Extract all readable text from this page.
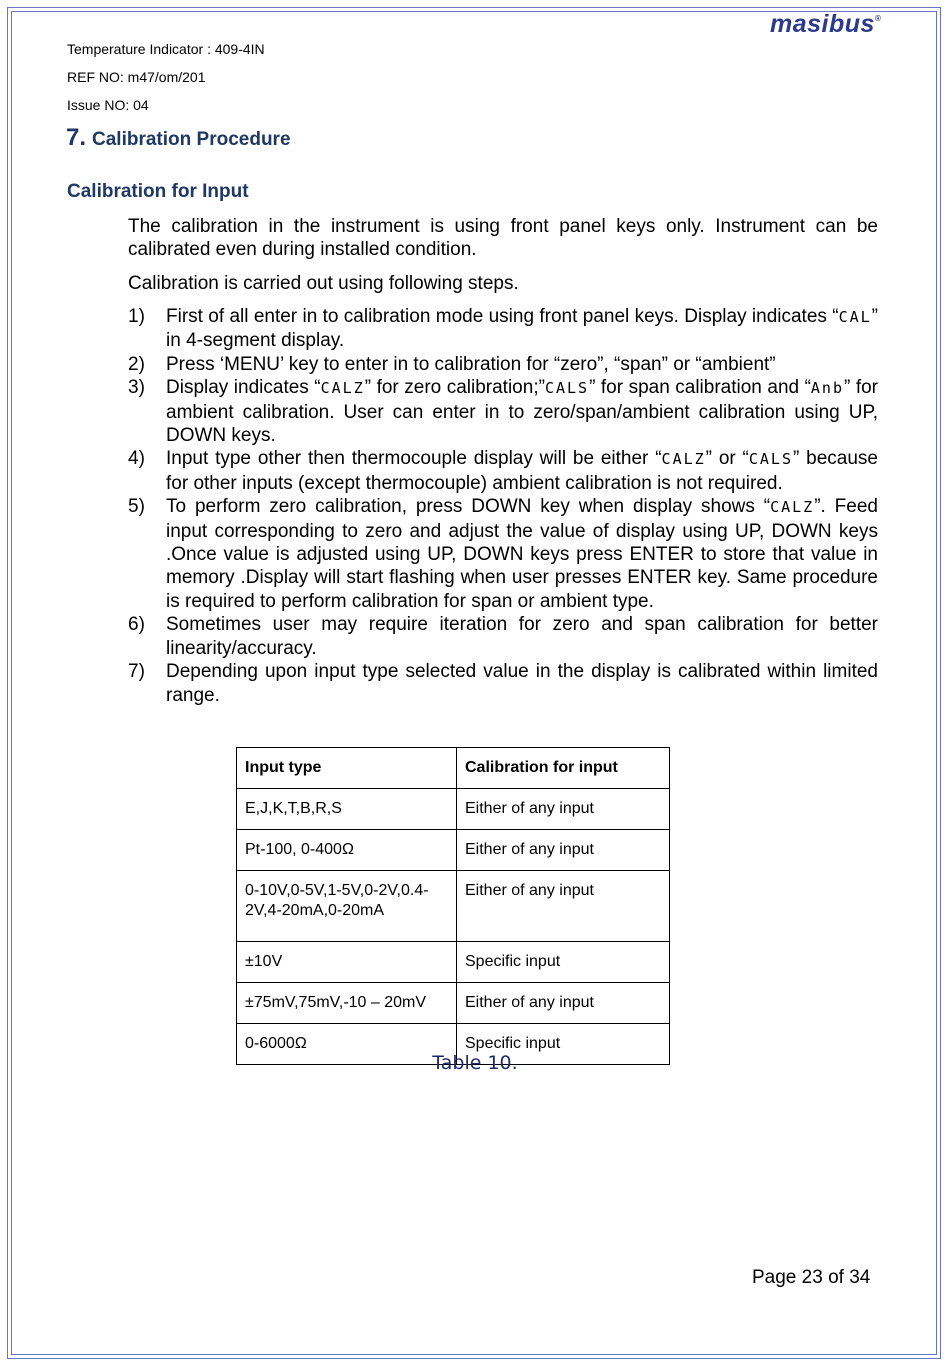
masibus®
Temperature Indicator : 409-4IN
REF NO: m47/om/201
Issue NO: 04
7. Calibration Procedure
Calibration for Input
The calibration in the instrument is using front panel keys only. Instrument can be calibrated even during installed condition.
Calibration is carried out using following steps.
1) First of all enter in to calibration mode using front panel keys. Display indicates “CAL” in 4-segment display.
2) Press ‘MENU’ key to enter in to calibration for “zero”, “span” or “ambient”
3) Display indicates “CALZ” for zero calibration;”CALS” for span calibration and “Anb” for ambient calibration. User can enter in to zero/span/ambient calibration using UP, DOWN keys.
4) Input type other then thermocouple display will be either “CALZ” or “CALS” because for other inputs (except thermocouple) ambient calibration is not required.
5) To perform zero calibration, press DOWN key when display shows “CALZ”. Feed input corresponding to zero and adjust the value of display using UP, DOWN keys .Once value is adjusted using UP, DOWN keys press ENTER to store that value in memory .Display will start flashing when user presses ENTER key. Same procedure is required to perform calibration for span or ambient type.
6) Sometimes user may require iteration for zero and span calibration for better linearity/accuracy.
7) Depending upon input type selected value in the display is calibrated within limited range.
Input type	Calibration for input
E,J,K,T,B,R,S	Either of any input
Pt-100, 0-400Ω	Either of any input
0-10V,0-5V,1-5V,0-2V,0.4-2V,4-20mA,0-20mA	Either of any input
±10V	Specific input
±75mV,75mV,-10 – 20mV	Either of any input
0-6000Ω	Specific input
Table 10.
Page 23 of 34
